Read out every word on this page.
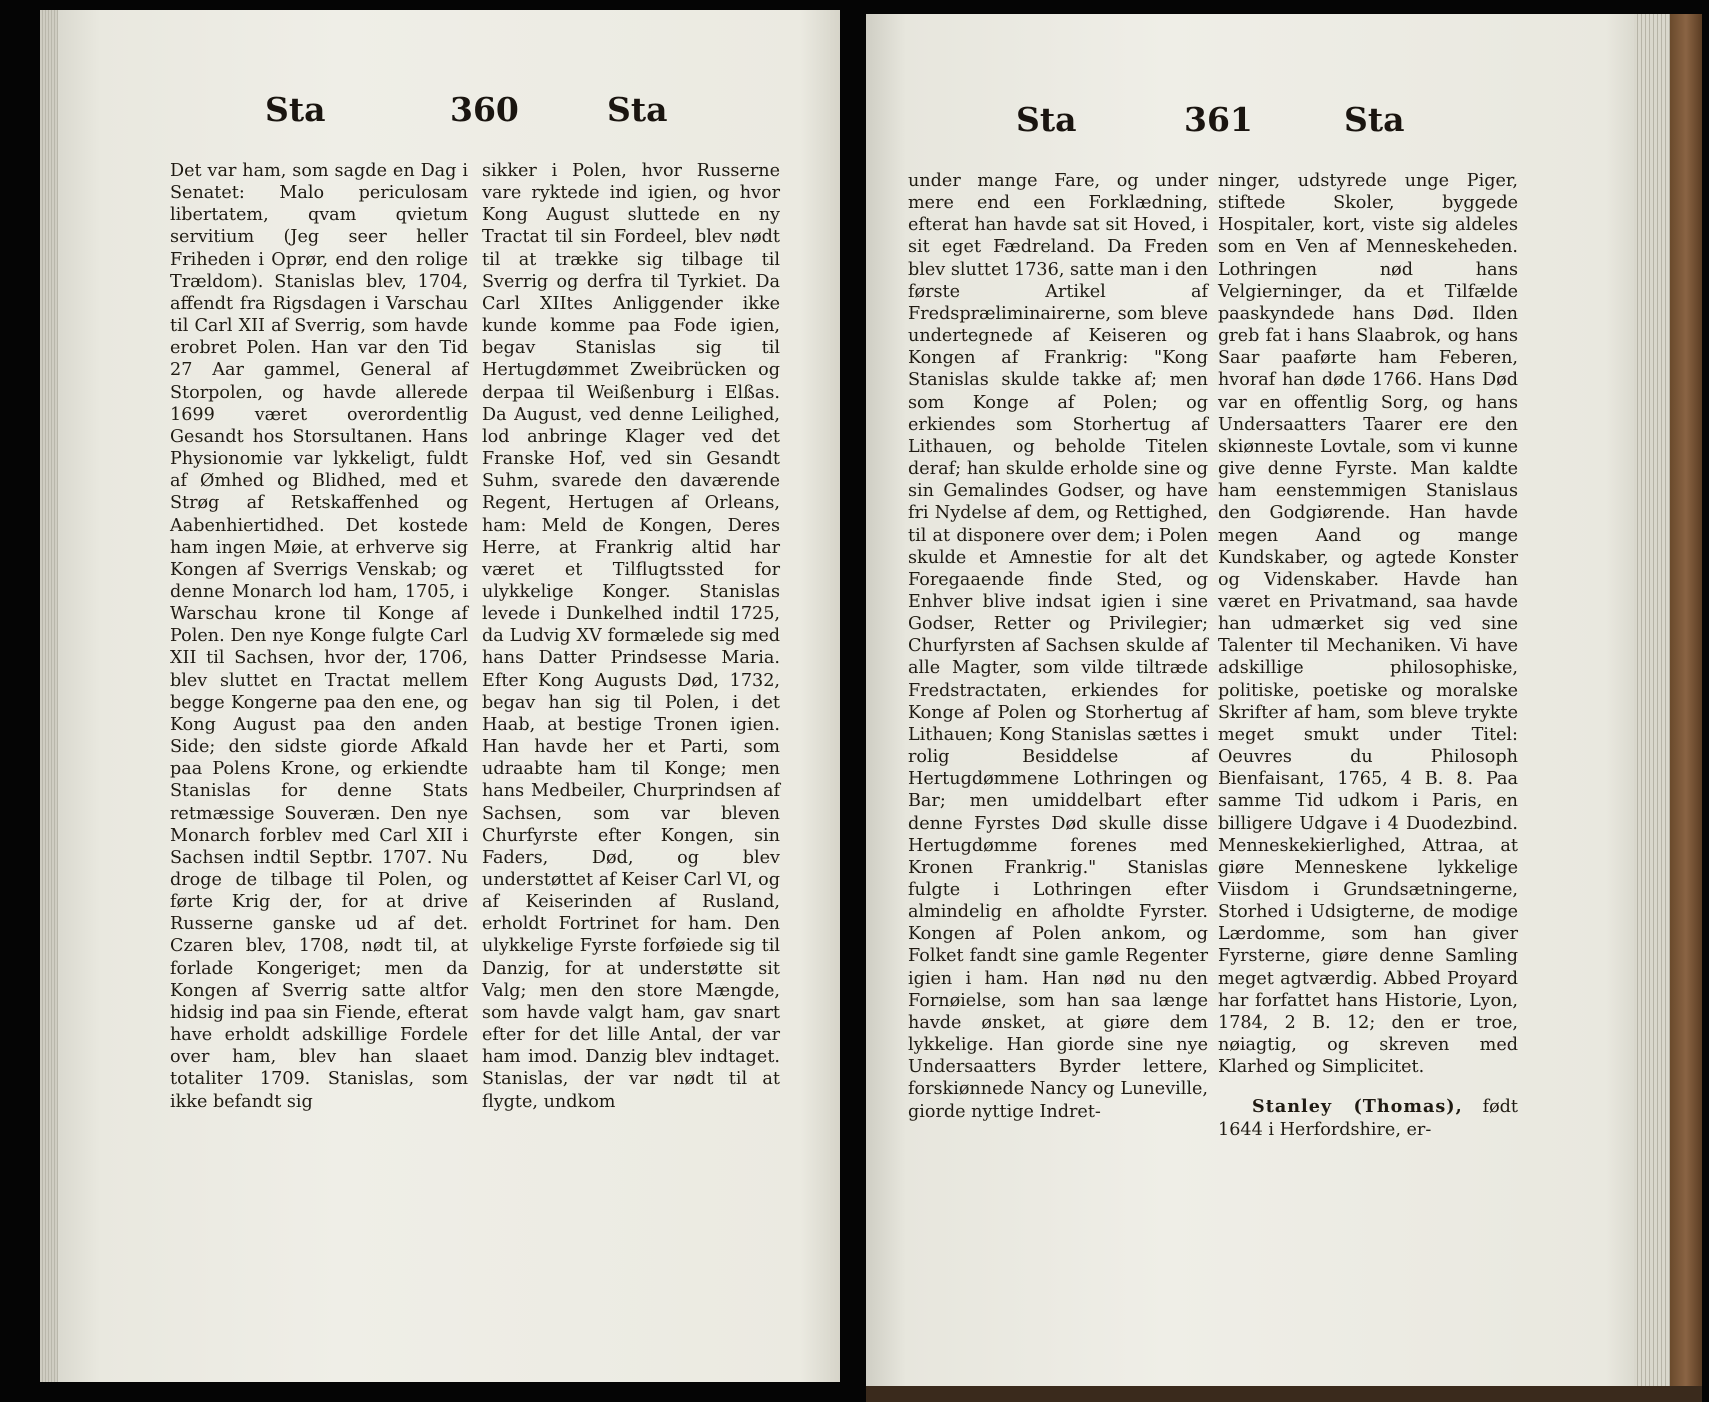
Sta	360	Sta

Det var ham, som sagde en Dag i Senatet: Malo periculosam libertatem, qvam qvietum servitium (Jeg seer heller Friheden i Oprør, end den rolige Trældom). Stanislas blev, 1704, affendt fra Rigsdagen i Varschau til Carl XII af Sverrig, som havde erobret Polen. Han var den Tid 27 Aar gammel, General af Storpolen, og havde allerede 1699 været overordentlig Gesandt hos Storsultanen. Hans Physionomie var lykkeligt, fuldt af Ømhed og Blidhed, med et Strøg af Retskaffenhed og Aabenhiertidhed. Det kostede ham ingen Møie, at erhverve sig Kongen af Sverrigs Venskab; og denne Monarch lod ham, 1705, i Warschau krone til Konge af Polen. Den nye Konge fulgte Carl XII til Sachsen, hvor der, 1706, blev sluttet en Tractat mellem begge Kongerne paa den ene, og Kong August paa den anden Side; den sidste giorde Afkald paa Polens Krone, og erkiendte Stanislas for denne Stats retmæssige Souveræn. Den nye Monarch forblev med Carl XII i Sachsen indtil Septbr. 1707. Nu droge de tilbage til Polen, og førte Krig der, for at drive Russerne ganske ud af det. Czaren blev, 1708, nødt til, at forlade Kongeriget; men da Kongen af Sverrig satte altfor hidsig ind paa sin Fiende, efterat have erholdt adskillige Fordele over ham, blev han slaaet totaliter 1709. Stanislas, som ikke befandt sig

sikker i Polen, hvor Russerne vare ryktede ind igien, og hvor Kong August sluttede en ny Tractat til sin Fordeel, blev nødt til at trække sig tilbage til Sverrig og derfra til Tyrkiet. Da Carl XIItes Anliggender ikke kunde komme paa Fode igien, begav Stanislas sig til Hertugdømmet Zweibrücken og derpaa til Weißenburg i Elßas. Da August, ved denne Leilighed, lod anbringe Klager ved det Franske Hof, ved sin Gesandt Suhm, svarede den daværende Regent, Hertugen af Orleans, ham: Meld de Kongen, Deres Herre, at Frankrig altid har været et Tilflugtssted for ulykkelige Konger. Stanislas levede i Dunkelhed indtil 1725, da Ludvig XV formælede sig med hans Datter Prindsesse Maria. Efter Kong Augusts Død, 1732, begav han sig til Polen, i det Haab, at bestige Tronen igien. Han havde her et Parti, som udraabte ham til Konge; men hans Medbeiler, Churprindsen af Sachsen, som var bleven Churfyrste efter Kongen, sin Faders, Død, og blev understøttet af Keiser Carl VI, og af Keiserinden af Rusland, erholdt Fortrinet for ham. Den ulykkelige Fyrste forføiede sig til Danzig, for at understøtte sit Valg; men den store Mængde, som havde valgt ham, gav snart efter for det lille Antal, der var ham imod. Danzig blev indtaget. Stanislas, der var nødt til at flygte, undkom

Sta	361	Sta

under mange Fare, og under mere end een Forklædning, efterat han havde sat sit Hoved, i sit eget Fædreland. Da Freden blev sluttet 1736, satte man i den første Artikel af Fredspræliminairerne, som bleve undertegnede af Keiseren og Kongen af Frankrig: "Kong Stanislas skulde takke af; men som Konge af Polen; og erkiendes som Storhertug af Lithauen, og beholde Titelen deraf; han skulde erholde sine og sin Gemalindes Godser, og have fri Nydelse af dem, og Rettighed, til at disponere over dem; i Polen skulde et Amnestie for alt det Foregaaende finde Sted, og Enhver blive indsat igien i sine Godser, Retter og Privilegier; Churfyrsten af Sachsen skulde af alle Magter, som vilde tiltræde Fredstractaten, erkiendes for Konge af Polen og Storhertug af Lithauen; Kong Stanislas sættes i rolig Besiddelse af Hertugdømmene Lothringen og Bar; men umiddelbart efter denne Fyrstes Død skulle disse Hertugdømme forenes med Kronen Frankrig." Stanislas fulgte i Lothringen efter almindelig en afholdte Fyrster. Kongen af Polen ankom, og Folket fandt sine gamle Regenter igien i ham. Han nød nu den Fornøielse, som han saa længe havde ønsket, at giøre dem lykkelige. Han giorde sine nye Undersaatters Byrder lettere, forskiønnede Nancy og Luneville, giorde nyttige Indret-

ninger, udstyrede unge Piger, stiftede Skoler, byggede Hospitaler, kort, viste sig aldeles som en Ven af Menneskeheden. Lothringen nød hans Velgierninger, da et Tilfælde paaskyndede hans Død. Ilden greb fat i hans Slaabrok, og hans Saar paaførte ham Feberen, hvoraf han døde 1766. Hans Død var en offentlig Sorg, og hans Undersaatters Taarer ere den skiønneste Lovtale, som vi kunne give denne Fyrste. Man kaldte ham eenstemmigen Stanislaus den Godgiørende. Han havde megen Aand og mange Kundskaber, og agtede Konster og Videnskaber. Havde han været en Privatmand, saa havde han udmærket sig ved sine Talenter til Mechaniken. Vi have adskillige philosophiske, politiske, poetiske og moralske Skrifter af ham, som bleve trykte meget smukt under Titel: Oeuvres du Philosoph Bienfaisant, 1765, 4 B. 8. Paa samme Tid udkom i Paris, en billigere Udgave i 4 Duodezbind. Menneskekierlighed, Attraa, at giøre Menneskene lykkelige Viisdom i Grundsætningerne, Storhed i Udsigterne, de modige Lærdomme, som han giver Fyrsterne, giøre denne Samling meget agtværdig. Abbed Proyard har forfattet hans Historie, Lyon, 1784, 2 B. 12; den er troe, nøiagtig, og skreven med Klarhed og Simplicitet.

Stanley (Thomas), født 1644 i Herfordshire, er-
